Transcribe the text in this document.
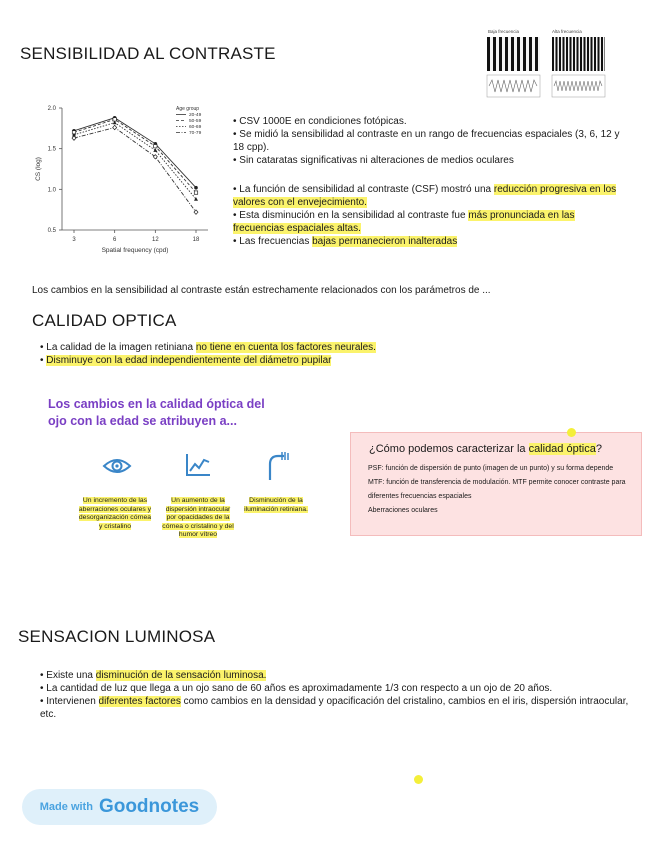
SENSIBILIDAD AL CONTRASTE
Baja frecuencia	Alta frecuencia
0.5
1.0
1.5
2.0
3	6	12	18
Spatial frequency (cpd)
CS (log)
Age group
20-49
50-59
60-69
70-79
• CSV 1000E en condiciones fotópicas.
• Se midió la sensibilidad al contraste en un rango de frecuencias espaciales (3, 6, 12 y 18 cpp).
• Sin cataratas significativas ni alteraciones de medios oculares
• La función de sensibilidad al contraste (CSF) mostró una reducción progresiva en los valores con el envejecimiento.
• Esta disminución en la sensibilidad al contraste fue más pronunciada en las frecuencias espaciales altas.
• Las frecuencias bajas permanecieron inalteradas
Los cambios en la sensibilidad al contraste están estrechamente relacionados con los parámetros de ...
CALIDAD OPTICA
• La calidad de la imagen retiniana no tiene en cuenta los factores neurales.
• Disminuye con la edad independientemente del diámetro pupilar
Los cambios en la calidad óptica del ojo con la edad se atribuyen a...
Un incremento de las aberraciones oculares y desorganización córnea y cristalino
Un aumento de la dispersión intraocular por opacidades de la córnea o cristalino y del humor vítreo
Disminución de la iluminación retiniana.
¿Cómo podemos caracterizar la calidad óptica?
PSF: función de dispersión de punto (imagen de un punto) y su forma depende
MTF: función de transferencia de modulación. MTF permite conocer contraste para
diferentes frecuencias espaciales
Aberraciones oculares
SENSACION LUMINOSA
• Existe una disminución de la sensación luminosa.
• La cantidad de luz que llega a un ojo sano de 60 años es aproximadamente 1/3 con respecto a un ojo de 20 años.
• Intervienen diferentes factores como cambios en la densidad y opacificación del cristalino, cambios en el iris, dispersión intraocular, etc.
Made with Goodnotes
